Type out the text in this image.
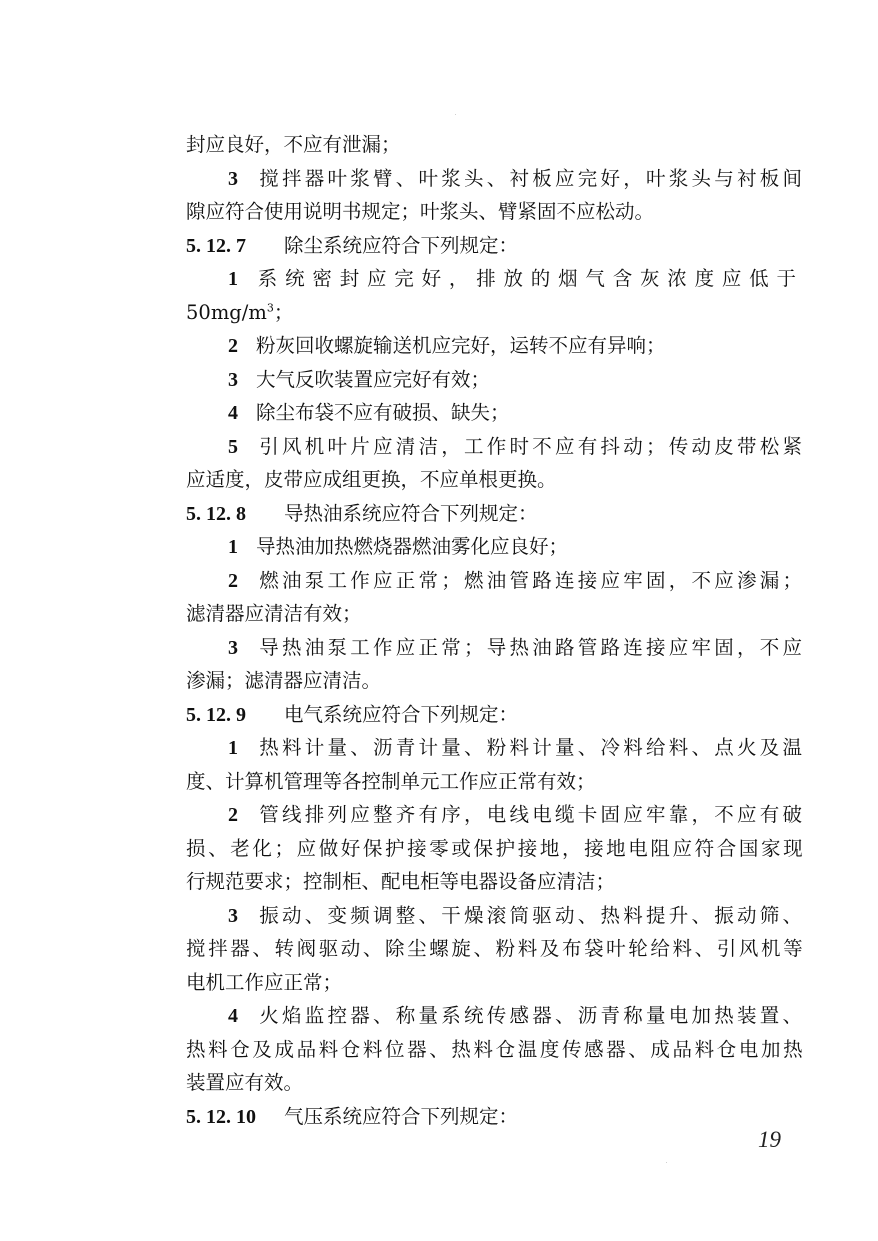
封应良好，不应有泄漏；
3 搅拌器叶浆臂、叶浆头、衬板应完好，叶浆头与衬板间
隙应符合使用说明书规定；叶浆头、臂紧固不应松动。
5. 12. 7 除尘系统应符合下列规定：
1 系统密封应完好，排放的烟气含灰浓度应低于
$50mg/m^3$；
2 粉灰回收螺旋输送机应完好，运转不应有异响；
3 大气反吹装置应完好有效；
4 除尘布袋不应有破损、缺失；
5 引风机叶片应清洁，工作时不应有抖动；传动皮带松紧
应适度，皮带应成组更换，不应单根更换。
5. 12. 8 导热油系统应符合下列规定：
1 导热油加热燃烧器燃油雾化应良好；
2 燃油泵工作应正常；燃油管路连接应牢固，不应渗漏；
滤清器应清洁有效；
3 导热油泵工作应正常；导热油路管路连接应牢固，不应
渗漏；滤清器应清洁。
5. 12. 9 电气系统应符合下列规定：
1 热料计量、沥青计量、粉料计量、冷料给料、点火及温
度、计算机管理等各控制单元工作应正常有效；
2 管线排列应整齐有序，电线电缆卡固应牢靠，不应有破
损、老化；应做好保护接零或保护接地，接地电阻应符合国家现
行规范要求；控制柜、配电柜等电器设备应清洁；
3 振动、变频调整、干燥滚筒驱动、热料提升、振动筛、
搅拌器、转阀驱动、除尘螺旋、粉料及布袋叶轮给料、引风机等
电机工作应正常；
4 火焰监控器、称量系统传感器、沥青称量电加热装置、
热料仓及成品料仓料位器、热料仓温度传感器、成品料仓电加热
装置应有效。
5. 12. 10 气压系统应符合下列规定：
19
